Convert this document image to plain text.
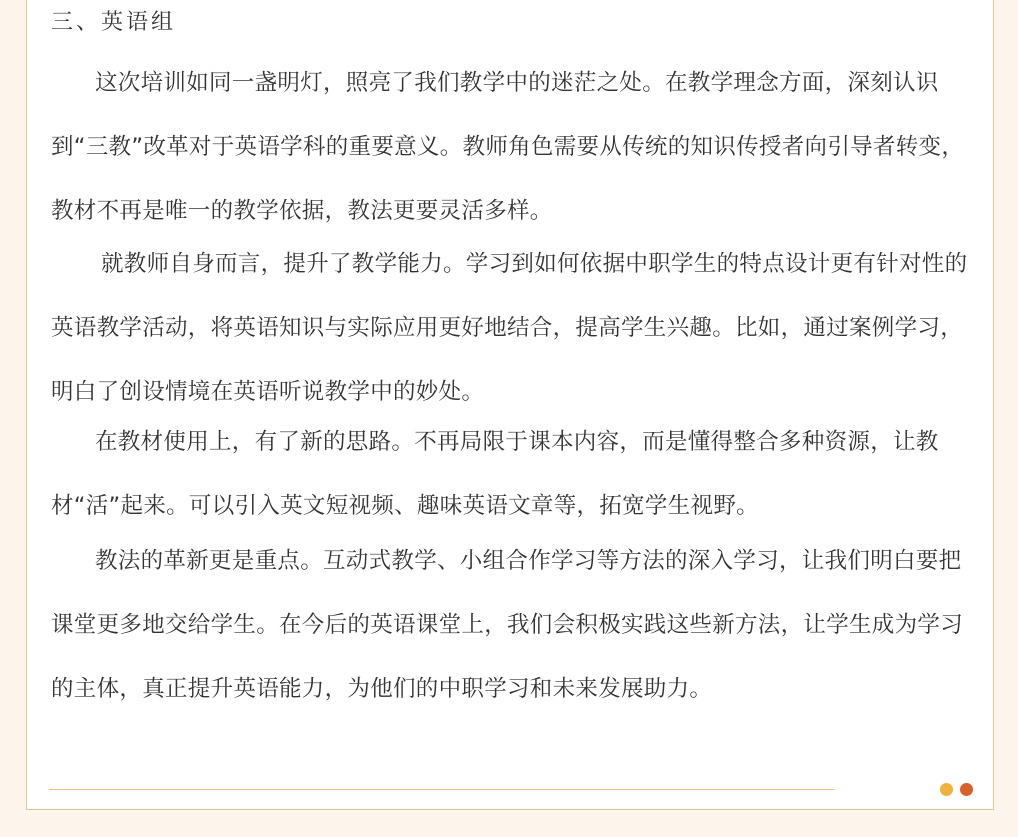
三、英语组

这次培训如同一盏明灯，照亮了我们教学中的迷茫之处。在教学理念方面，深刻认识到“三教”改革对于英语学科的重要意义。教师角色需要从传统的知识传授者向引导者转变，教材不再是唯一的教学依据，教法更要灵活多样。

就教师自身而言，提升了教学能力。学习到如何依据中职学生的特点设计更有针对性的英语教学活动，将英语知识与实际应用更好地结合，提高学生兴趣。比如，通过案例学习，明白了创设情境在英语听说教学中的妙处。

在教材使用上，有了新的思路。不再局限于课本内容，而是懂得整合多种资源，让教材“活”起来。可以引入英文短视频、趣味英语文章等，拓宽学生视野。

教法的革新更是重点。互动式教学、小组合作学习等方法的深入学习，让我们明白要把课堂更多地交给学生。在今后的英语课堂上，我们会积极实践这些新方法，让学生成为学习的主体，真正提升英语能力，为他们的中职学习和未来发展助力。
